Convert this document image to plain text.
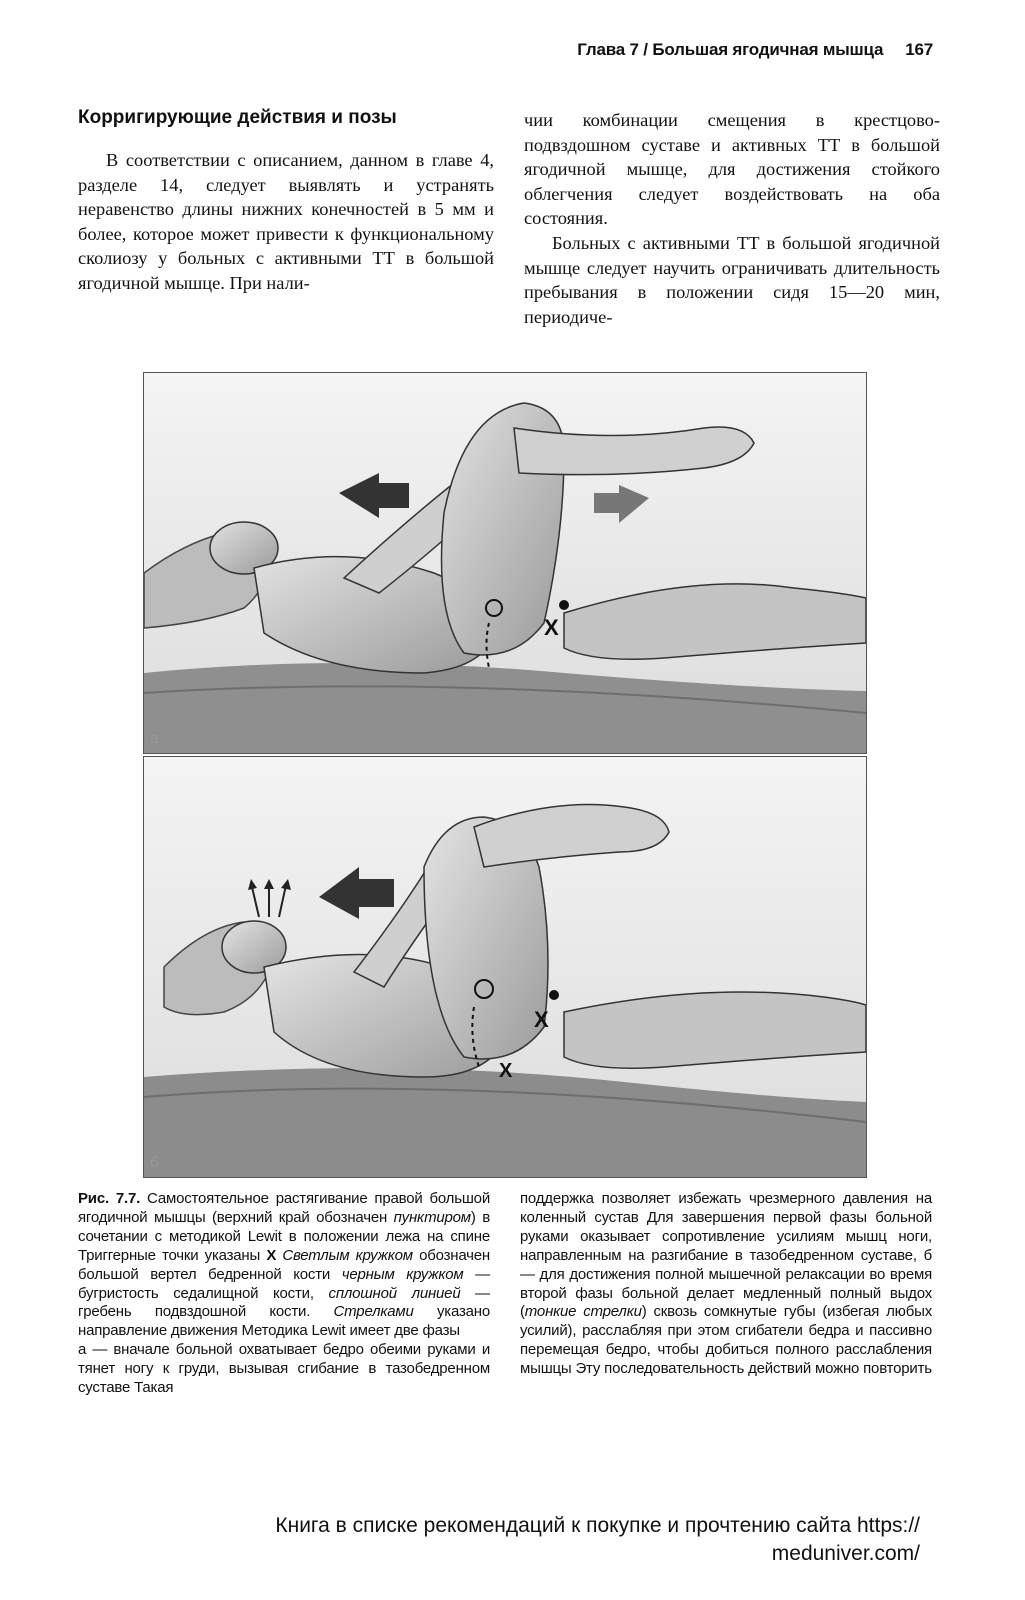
Глава 7 / Большая ягодичная мышца 167
Корригирующие действия и позы

В соответствии с описанием, данном в главе 4, разделе 14, следует выявлять и устранять неравенство длины нижних конечностей в 5 мм и более, которое может привести к функциональному сколиозу у больных с активными ТТ в большой ягодичной мышце. При нали-

чии комбинации смещения в крестцово-подвздошном суставе и активных ТТ в большой ягодичной мышце, для достижения стойкого облегчения следует воздействовать на оба состояния.

Больных с активными ТТ в большой ягодичной мышце следует научить ограничивать длительность пребывания в положении сидя 15—20 мин, периодиче-

X
а
X
X
б

Рис. 7.7. Самостоятельное растягивание правой большой ягодичной мышцы (верхний край обозначен пунктиром) в сочетании с методикой Lewit в положении лежа на спине Триггерные точки указаны X Светлым кружком обозначен большой вертел бедренной кости черным кружком — бугристость седалищной кости, сплошной линией — гребень подвздошной кости. Стрелками указано направление движения Методика Lewit имеет две фазы

а — вначале больной охватывает бедро обеими руками и тянет ногу к груди, вызывая сгибание в тазобедренном суставе Такая

поддержка позволяет избежать чрезмерного давления на коленный сустав Для завершения первой фазы больной руками оказывает сопротивление усилиям мышц ноги, направленным на разгибание в тазобедренном суставе, б — для достижения полной мышечной релаксации во время второй фазы больной делает медленный полный выдох (тонкие стрелки) сквозь сомкнутые губы (избегая любых усилий), расслабляя при этом сгибатели бедра и пассивно перемещая бедро, чтобы добиться полного расслабления мышцы Эту последовательность действий можно повторить

Книга в списке рекомендаций к покупке и прочтению сайта https:// meduniver.com/
